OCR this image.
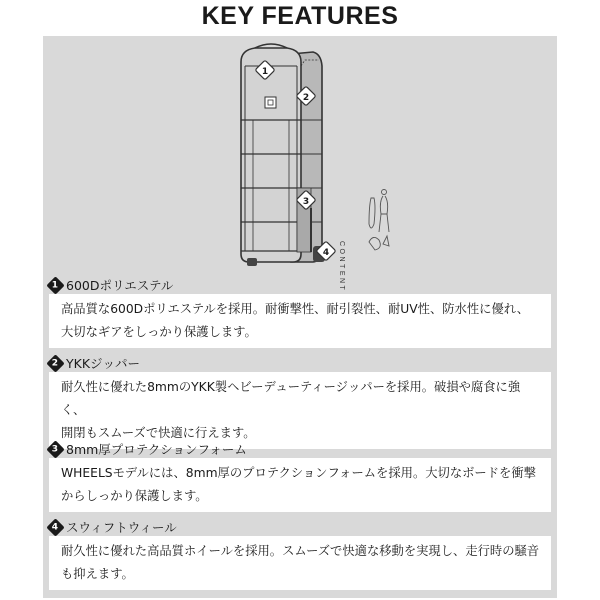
KEY FEATURES
1
2
3
4 CONTENT
1 600Dポリエステル
高品質な600Dポリエステルを採用。耐衝撃性、耐引裂性、耐UV性、防水性に優れ、
大切なギアをしっかり保護します。
2 YKKジッパー
耐久性に優れた8mmのYKK製ヘビーデューティージッパーを採用。破損や腐食に強く、
開閉もスムーズで快適に行えます。
3 8mm厚プロテクションフォーム
WHEELSモデルには、8mm厚のプロテクションフォームを採用。大切なボードを衝撃
からしっかり保護します。
4 スウィフトウィール
耐久性に優れた高品質ホイールを採用。スムーズで快適な移動を実現し、走行時の騒音
も抑えます。
